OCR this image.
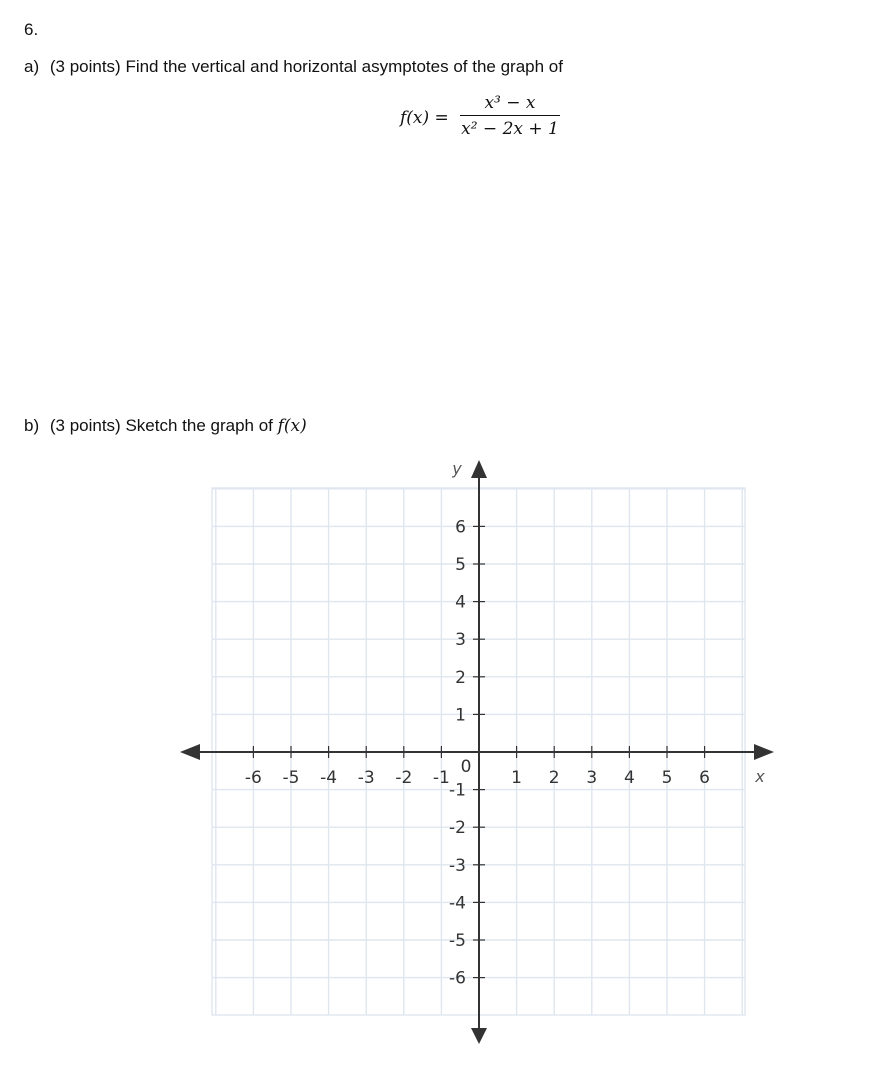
6.
a) (3 points) Find the vertical and horizontal asymptotes of the graph of
f(x) =
x³ − x
x² − 2x + 1
b) (3 points) Sketch the graph of f(x)
-6 -5 -4 -3 -2 -1	1 2 3 4 5 6
-6
-5
-4
-3
-2
-1
1
2
3
4
5
6
0	x
y
